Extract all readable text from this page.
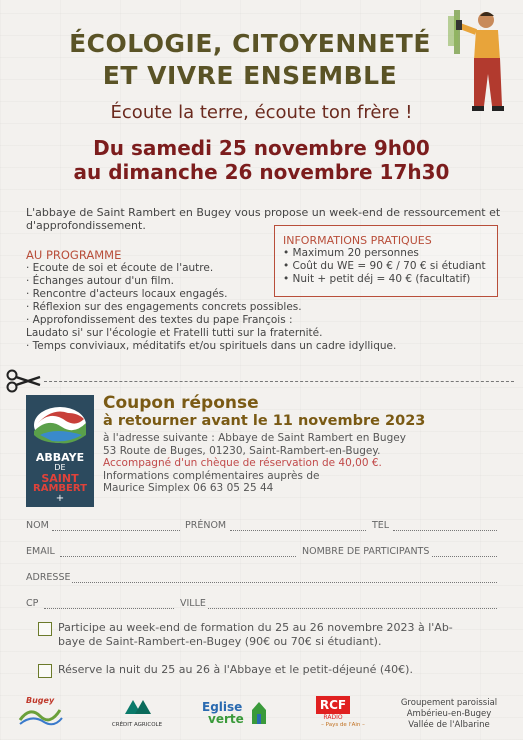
ÉCOLOGIE, CITOYENNETÉ
ET VIVRE ENSEMBLE
Écoute la terre, écoute ton frère !
Du samedi 25 novembre 9h00
au dimanche 26 novembre 17h30
L'abbaye de Saint Rambert en Bugey vous propose un week-end de ressourcement et
d'approfondissement.
AU PROGRAMME
· Ecoute de soi et écoute de l'autre.
· Échanges autour d'un film.
· Rencontre d'acteurs locaux engagés.
· Réflexion sur des engagements concrets possibles.
· Approfondissement des textes du pape François :
Laudato si' sur l'écologie et Fratelli tutti sur la fraternité.
· Temps conviviaux, méditatifs et/ou spirituels dans un cadre idyllique.
INFORMATIONS PRATIQUES
• Maximum 20 personnes
• Coût du WE = 90 € / 70 € si étudiant
• Nuit + petit déj = 40 € (facultatif)
ABBAYE
DE
SAINT
RAMBERT
+
Coupon réponse
à retourner avant le 11 novembre 2023
à l'adresse suivante : Abbaye de Saint Rambert en Bugey
53 Route de Buges, 01230, Saint-Rambert-en-Bugey.
Accompagné d'un chèque de réservation de 40,00 €.
Informations complémentaires auprès de
Maurice Simplex 06 63 05 25 44
NOM	PRÉNOM	TEL
EMAIL	NOMBRE DE PARTICIPANTS
ADRESSE
CP	VILLE
Participe au week-end de formation du 25 au 26 novembre 2023 à l'Ab-
baye de Saint-Rambert-en-Bugey (90€ ou 70€ si étudiant).
Réserve la nuit du 25 au 26 à l'Abbaye et le petit-déjeuné (40€).
Bugey
CRÉDIT AGRICOLE
Eglise
verte
RCF
RADIO
– Pays de l'Ain –
Groupement paroissial
Ambérieu-en-Bugey
Vallée de l'Albarine
